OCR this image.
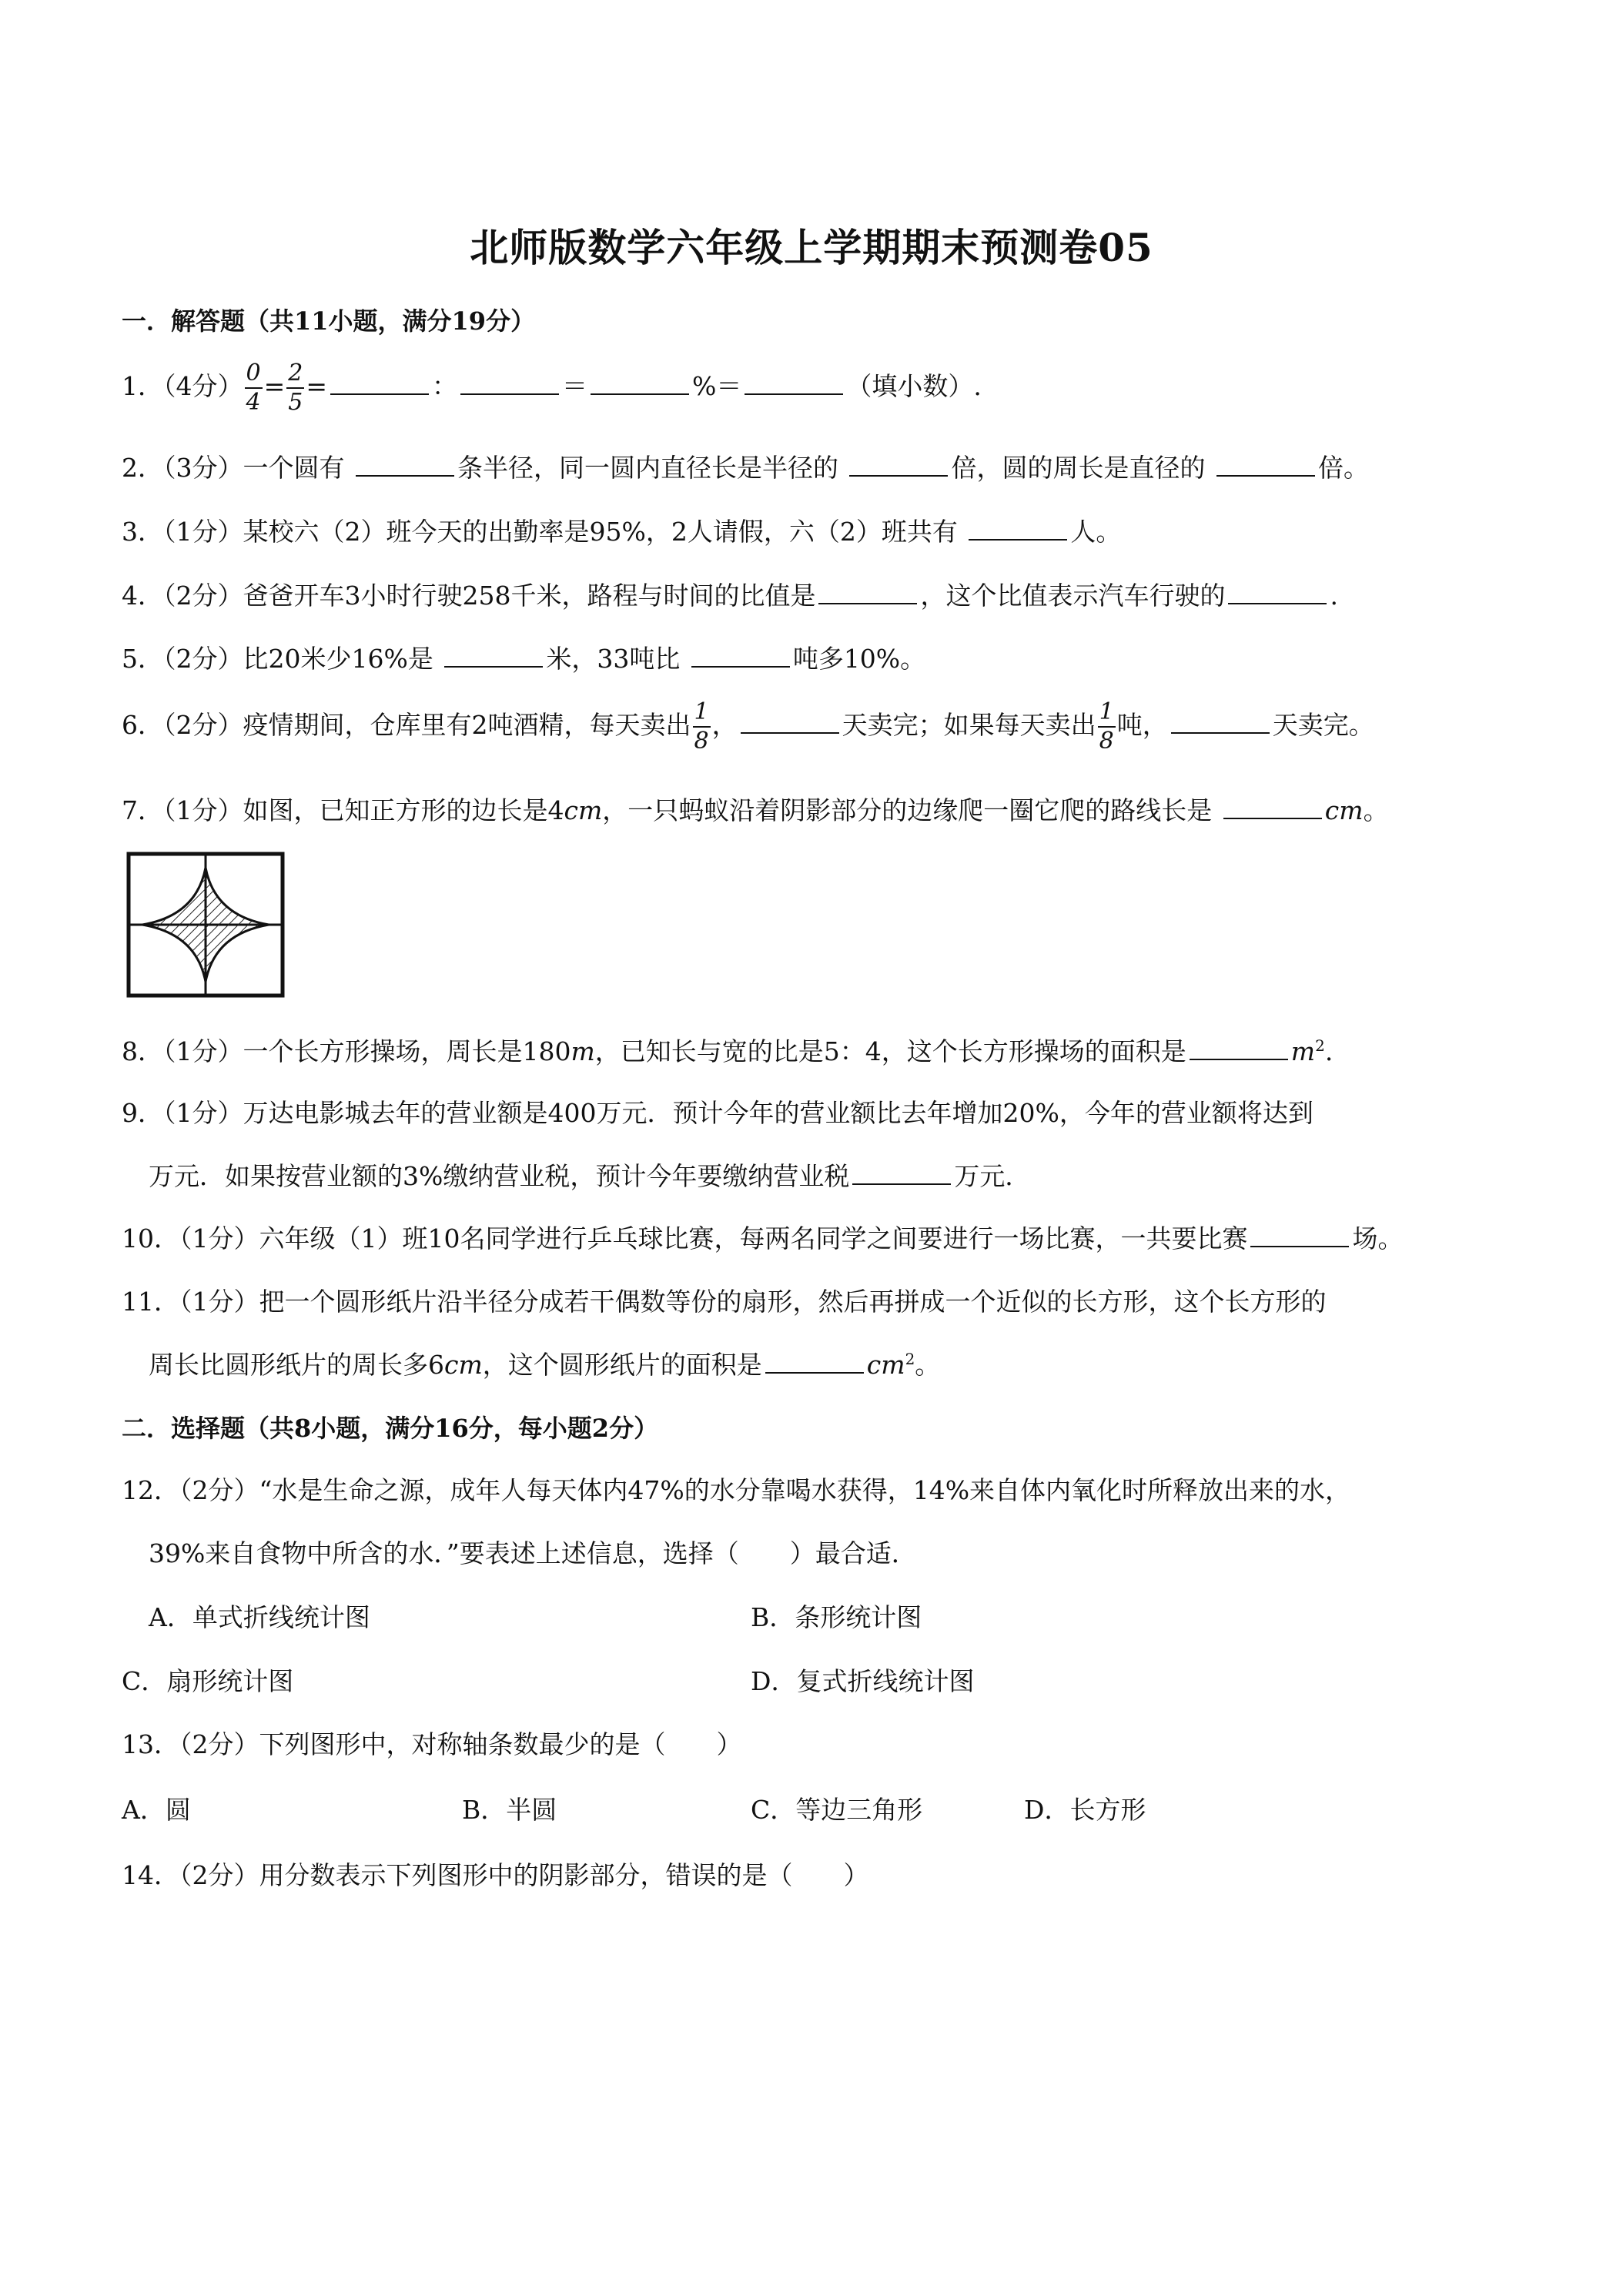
北师版数学六年级上学期期末预测卷05
一．解答题（共11小题，满分19分）
1．（4分） $\frac{0}{4} = \frac{2}{5}$ =	：	＝	%＝	（填小数）.
2．（3分）一个圆有	条半径，同一圆内直径长是半径的	倍，圆的周长是直径的	倍。
3．（1分）某校六（2）班今天的出勤率是95%，2人请假，六（2）班共有	人。
4．（2分）爸爸开车3小时行驶258千米，路程与时间的比值是	，这个比值表示汽车行驶的	.
5．（2分）比20米少16%是	米，33吨比	吨多10%。
6．（2分）疫情期间，仓库里有2吨酒精，每天卖出 $\frac{1}{8}$ ，	天卖完；如果每天卖出 $\frac{1}{8}$ 吨，	天卖完。
7．（1分）如图，已知正方形的边长是4cm，一只蚂蚁沿着阴影部分的边缘爬一圈它爬的路线长是	cm。
8．（1分）一个长方形操场，周长是180m，已知长与宽的比是5：4，这个长方形操场的面积是	$m^2$.
9．（1分）万达电影城去年的营业额是400万元．预计今年的营业额比去年增加20%，今年的营业额将达到
万元．如果按营业额的3%缴纳营业税，预计今年要缴纳营业税	万元．
10．（1分）六年级（1）班10名同学进行乒乓球比赛，每两名同学之间要进行一场比赛，一共要比赛	场。
11．（1分）把一个圆形纸片沿半径分成若干偶数等份的扇形，然后再拼成一个近似的长方形，这个长方形的
周长比圆形纸片的周长多6cm，这个圆形纸片的面积是	$cm^2$。
二．选择题（共8小题，满分16分，每小题2分）
12．（2分）“水是生命之源，成年人每天体内47%的水分靠喝水获得，14%来自体内氧化时所释放出来的水，
39%来自食物中所含的水．”要表述上述信息，选择（　　）最合适．
A．单式折线统计图	B．条形统计图
C．扇形统计图	D．复式折线统计图
13．（2分）下列图形中，对称轴条数最少的是（　　）
A．圆	B．半圆	C．等边三角形	D．长方形
14．（2分）用分数表示下列图形中的阴影部分，错误的是（　　）
